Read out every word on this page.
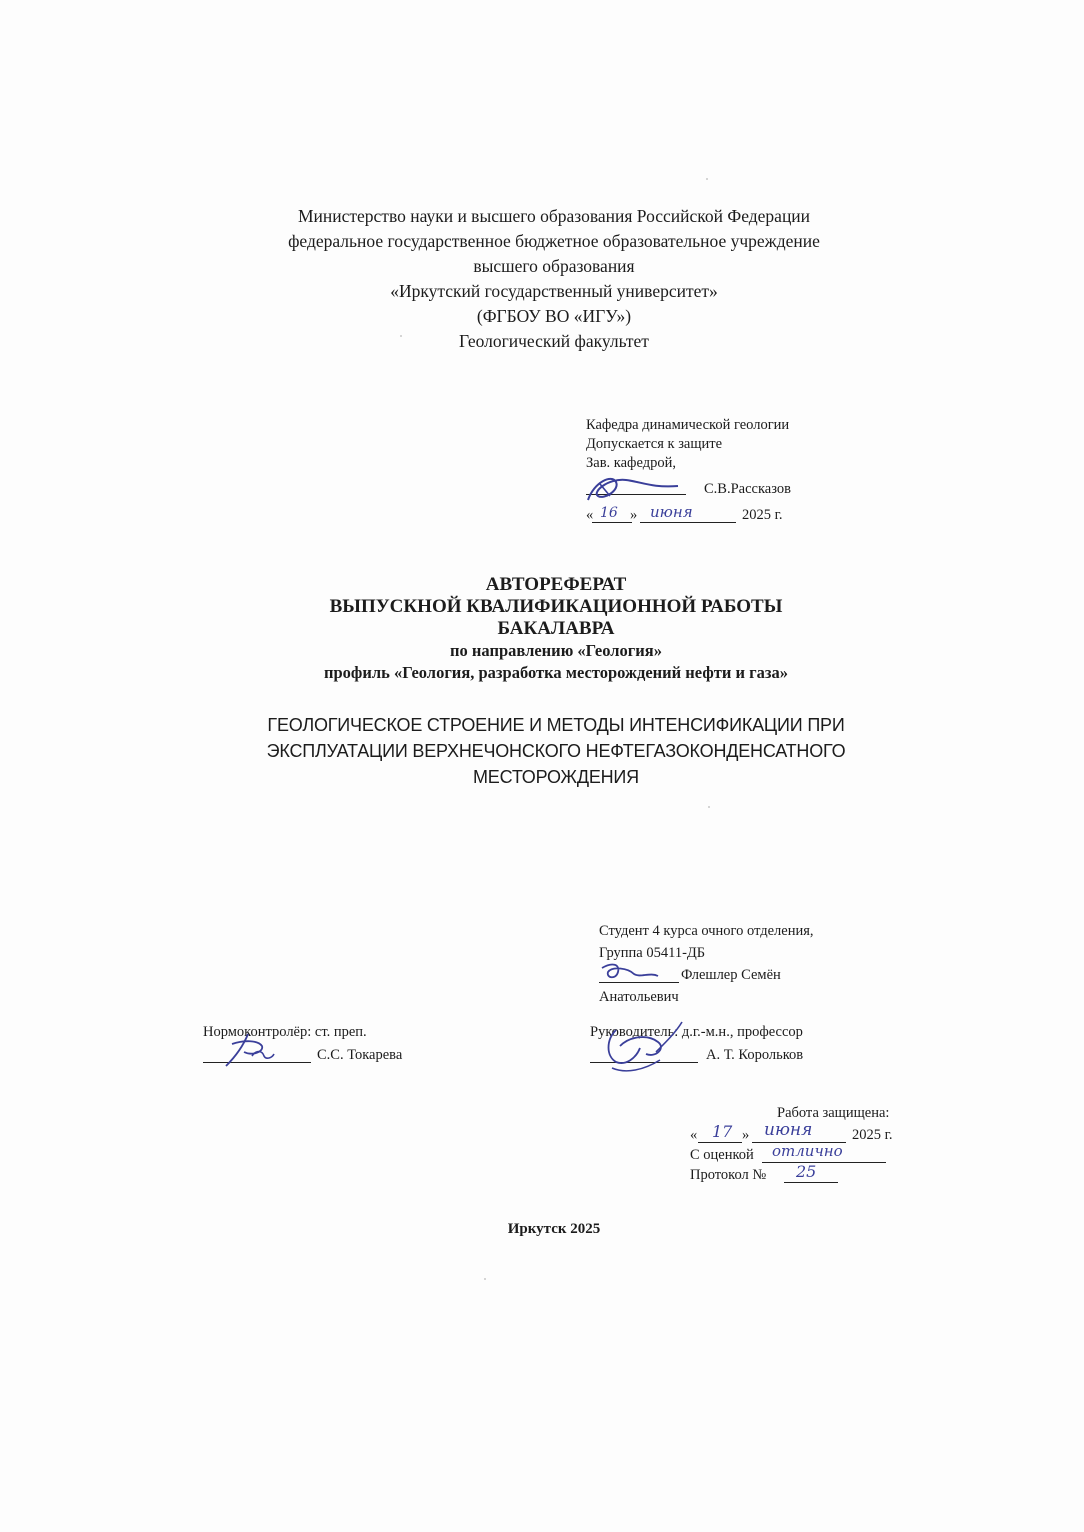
Министерство науки и высшего образования Российской Федерации
федеральное государственное бюджетное образовательное учреждение
высшего образования
«Иркутский государственный университет»
(ФГБОУ ВО «ИГУ»)
Геологический факультет
Кафедра динамической геологии
Допускается к защите
Зав. кафедрой,
С.В.Рассказов
« 16 » июня	2025 г.
АВТОРЕФЕРАТ
ВЫПУСКНОЙ КВАЛИФИКАЦИОННОЙ РАБОТЫ
БАКАЛАВРА
по направлению «Геология»
профиль «Геология, разработка месторождений нефти и газа»
ГЕОЛОГИЧЕСКОЕ СТРОЕНИЕ И МЕТОДЫ ИНТЕНСИФИКАЦИИ ПРИ
ЭКСПЛУАТАЦИИ ВЕРХНЕЧОНСКОГО НЕФТЕГАЗОКОНДЕНСАТНОГО
МЕСТОРОЖДЕНИЯ
Студент 4 курса очного отделения,
Группа 05411-ДБ
Флешлер Семён
Анатольевич
Нормоконтролёр: ст. преп.
С.С. Токарева
Руководитель: д.г.-м.н., профессор
А. Т. Корольков
Работа защищена:
« 17 » июня	2025 г.
С оценкой отлично
Протокол № 25
Иркутск 2025
